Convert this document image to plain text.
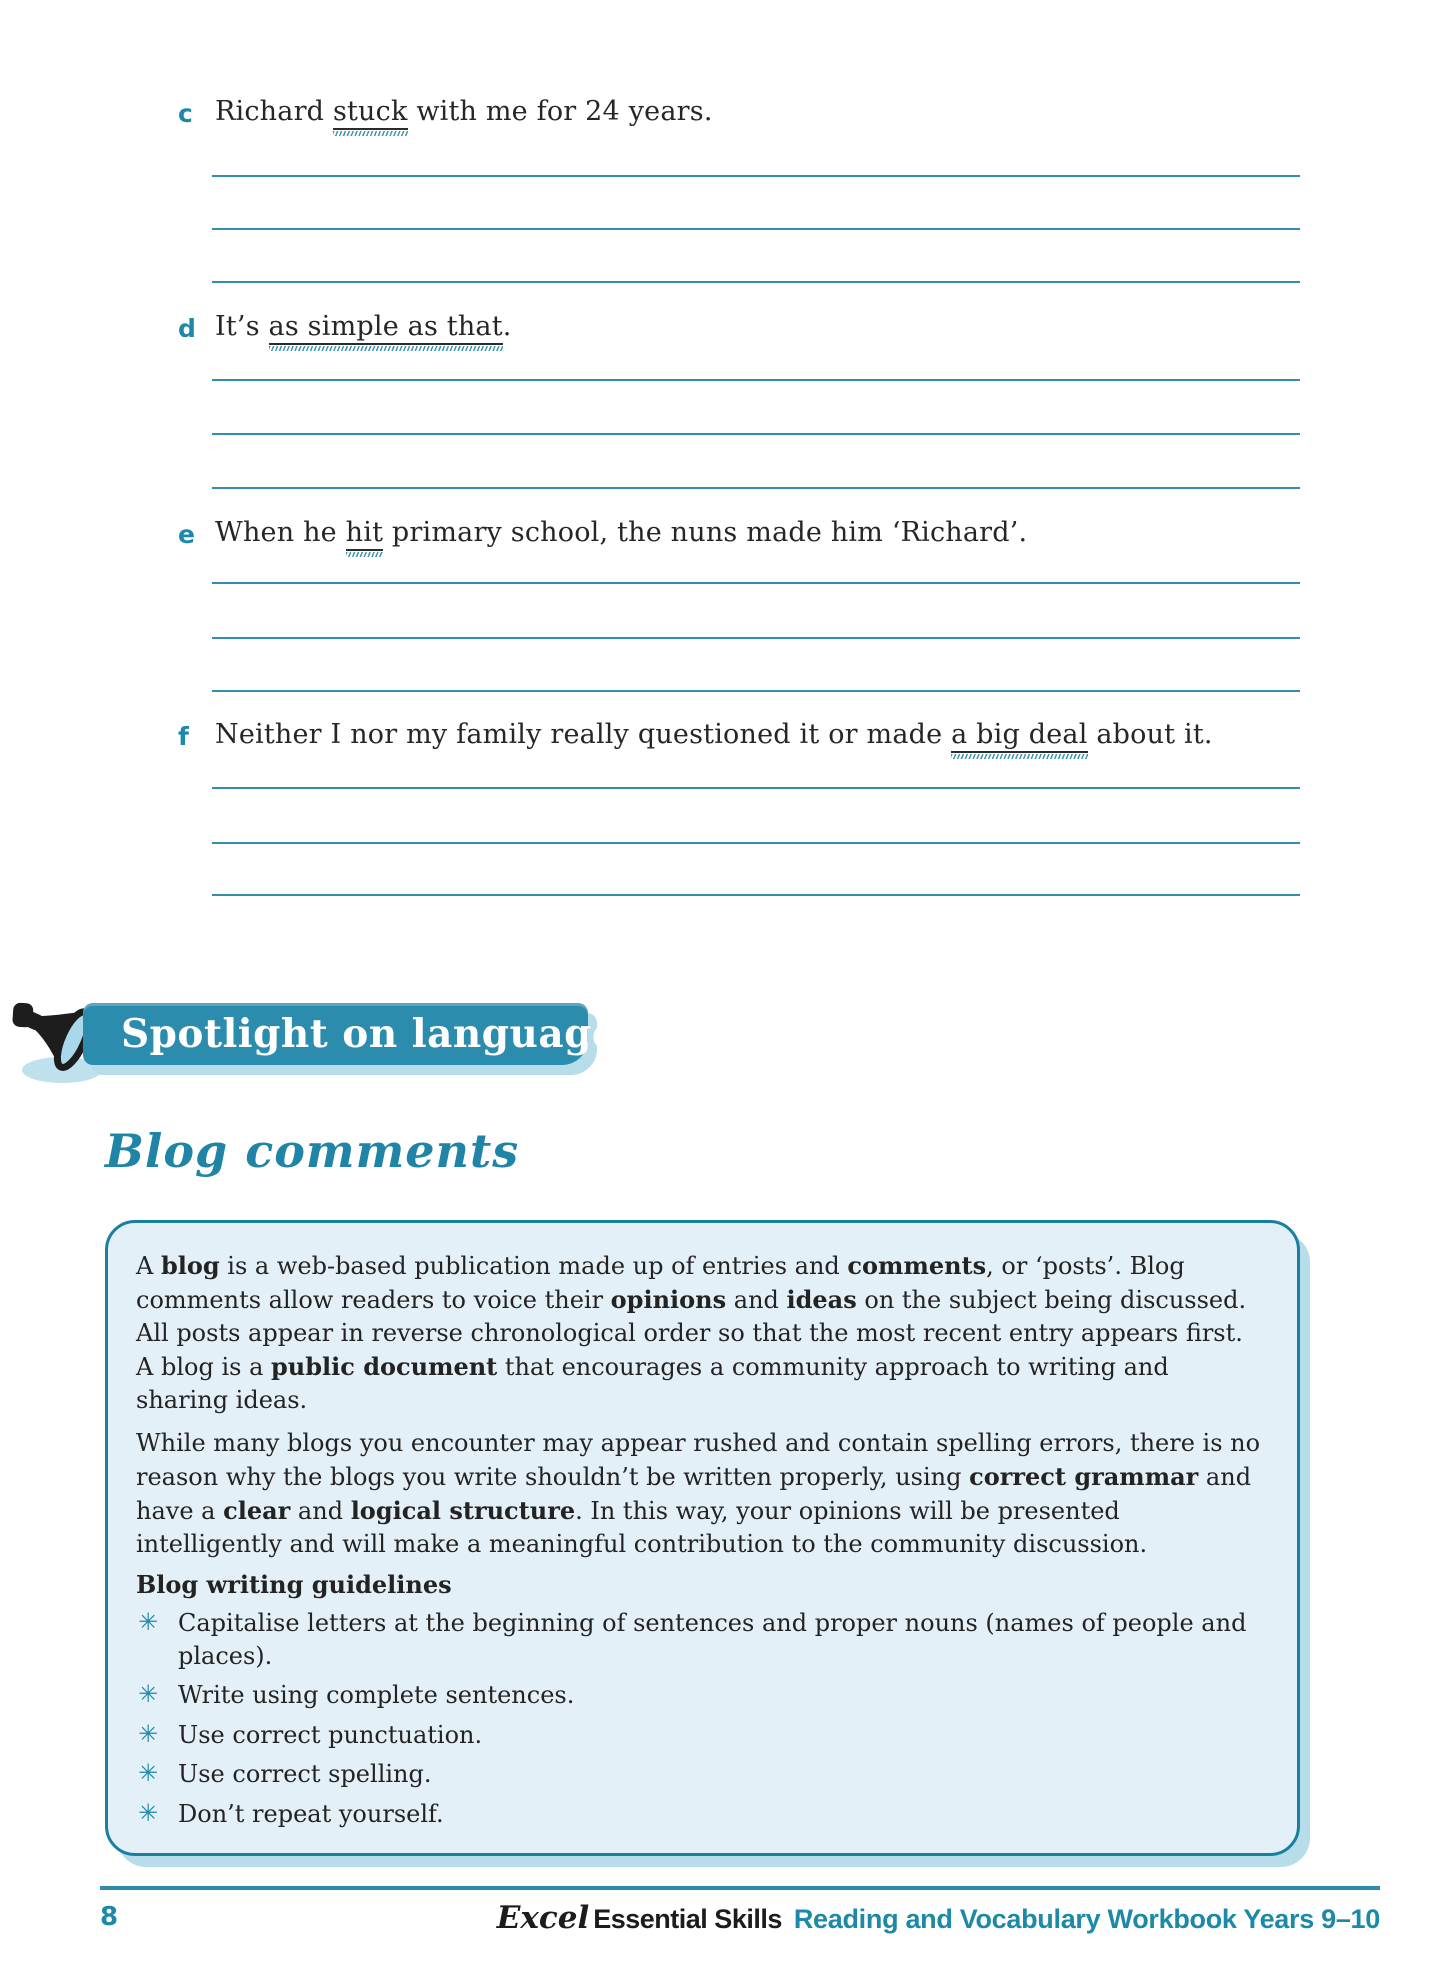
c Richard stuck with me for 24 years.
d It’s as simple as that.
e When he hit primary school, the nuns made him ‘Richard’.
f Neither I nor my family really questioned it or made a big deal about it.
Spotlight on language
Blog comments

A blog is a web-based publication made up of entries and comments, or ‘posts’. Blog comments allow readers to voice their opinions and ideas on the subject being discussed. All posts appear in reverse chronological order so that the most recent entry appears first. A blog is a public document that encourages a community approach to writing and sharing ideas.

While many blogs you encounter may appear rushed and contain spelling errors, there is no reason why the blogs you write shouldn’t be written properly, using correct grammar and have a clear and logical structure. In this way, your opinions will be presented intelligently and will make a meaningful contribution to the community discussion.

Blog writing guidelines
✳ Capitalise letters at the beginning of sentences and proper nouns (names of people and places).
✳ Write using complete sentences.
✳ Use correct punctuation.
✳ Use correct spelling.
✳ Don’t repeat yourself.
8	Excel Essential Skills Reading and Vocabulary Workbook Years 9–10
